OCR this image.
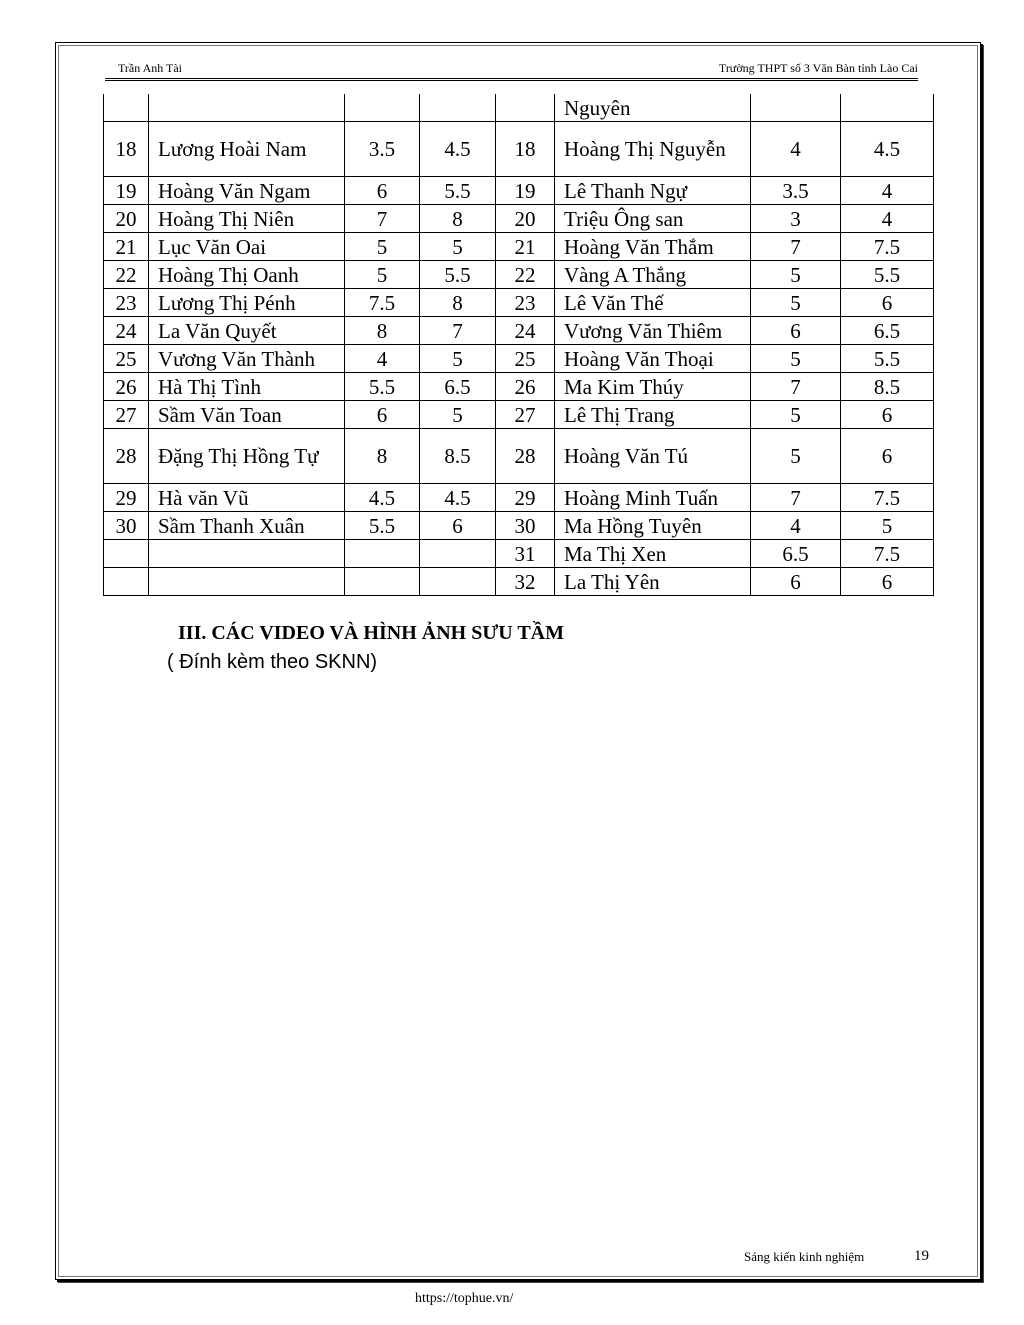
Trần Anh Tài	Trường THPT số 3 Văn Bàn tỉnh Lào Cai
					Nguyên		
18	Lương Hoài Nam	3.5	4.5	18	Hoàng Thị Nguyễn	4	4.5
19	Hoàng Văn Ngam	6	5.5	19	Lê Thanh Ngự	3.5	4
20	Hoàng Thị Niên	7	8	20	Triệu Ông san	3	4
21	Lục Văn Oai	5	5	21	Hoàng Văn Thắm	7	7.5
22	Hoàng Thị Oanh	5	5.5	22	Vàng A Thắng	5	5.5
23	Lương Thị Pénh	7.5	8	23	Lê Văn Thế	5	6
24	La Văn Quyết	8	7	24	Vương Văn Thiêm	6	6.5
25	Vương Văn Thành	4	5	25	Hoàng Văn Thoại	5	5.5
26	Hà Thị Tình	5.5	6.5	26	Ma Kim Thúy	7	8.5
27	Sầm Văn Toan	6	5	27	Lê Thị Trang	5	6
28	Đặng Thị Hồng Tự	8	8.5	28	Hoàng Văn Tú	5	6
29	Hà văn Vũ	4.5	4.5	29	Hoàng Minh Tuấn	7	7.5
30	Sầm Thanh Xuân	5.5	6	30	Ma Hồng Tuyên	4	5
				31	Ma Thị Xen	6.5	7.5
				32	La Thị Yên	6	6
III. CÁC VIDEO VÀ HÌNH ẢNH SƯU TẦM
( Đính kèm theo SKNN)
Sáng kiến kinh nghiệm	19
https://tophue.vn/
